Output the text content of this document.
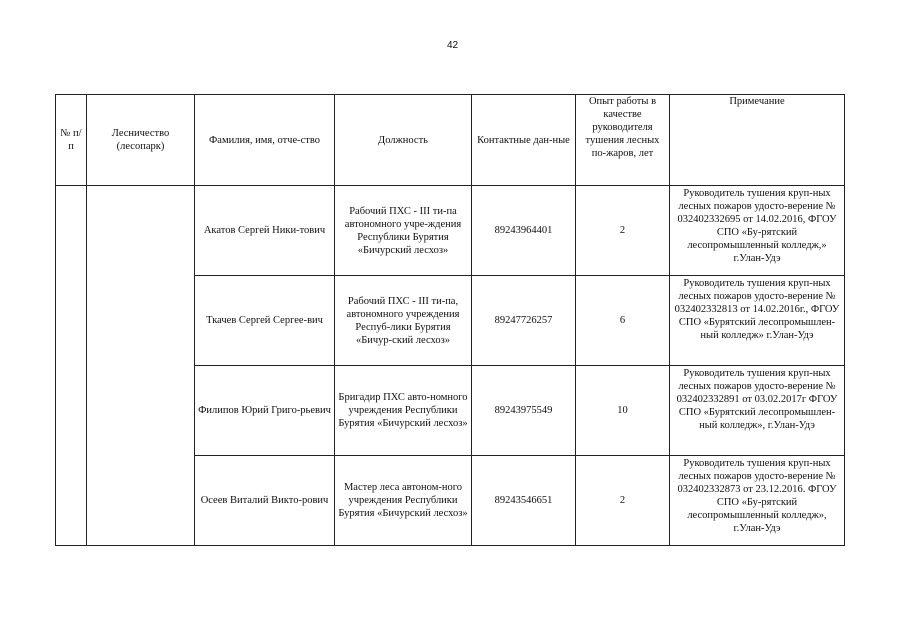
42
№ п/п	Лесничество (лесопарк)	Фамилия, имя, отче-ство	Должность	Контактные дан-ные	Опыт работы в качестве руководителя тушения лесных по-жаров, лет	Примечание
		Акатов Сергей Ники-тович	Рабочий ПХС - III ти-па автономного учре-ждения Республики Бурятия «Бичурский лесхоз»	89243964401	2	Руководитель тушения круп-ных лесных пожаров удосто-верение № 032402332695 от 14.02.2016, ФГОУ СПО «Бу-рятский лесопромышленный колледж,» г.Улан-Удэ
		Ткачев Сергей Сергее-вич	Рабочий ПХС - III ти-па, автономного учреждения Респуб-лики Бурятия «Бичур-ский лесхоз»	89247726257	6	Руководитель тушения круп-ных лесных пожаров удосто-верение № 032402332813 от 14.02.2016г., ФГОУ СПО «Бурятский лесопромышлен-ный колледж» г.Улан-Удэ
		Филипов Юрий Григо-рьевич	Бригадир ПХС авто-номного учреждения Республики Бурятия «Бичурский лесхоз»	89243975549	10	Руководитель тушения круп-ных лесных пожаров удосто-верение № 032402332891 от 03.02.2017г ФГОУ СПО «Бурятский лесопромышлен-ный колледж», г.Улан-Удэ
		Осеев Виталий Викто-рович	Мастер леса автоном-ного учреждения Республики Бурятия «Бичурский лесхоз»	89243546651	2	Руководитель тушения круп-ных лесных пожаров удосто-верение № 032402332873 от 23.12.2016. ФГОУ СПО «Бу-рятский лесопромышленный колледж», г.Улан-Удэ
